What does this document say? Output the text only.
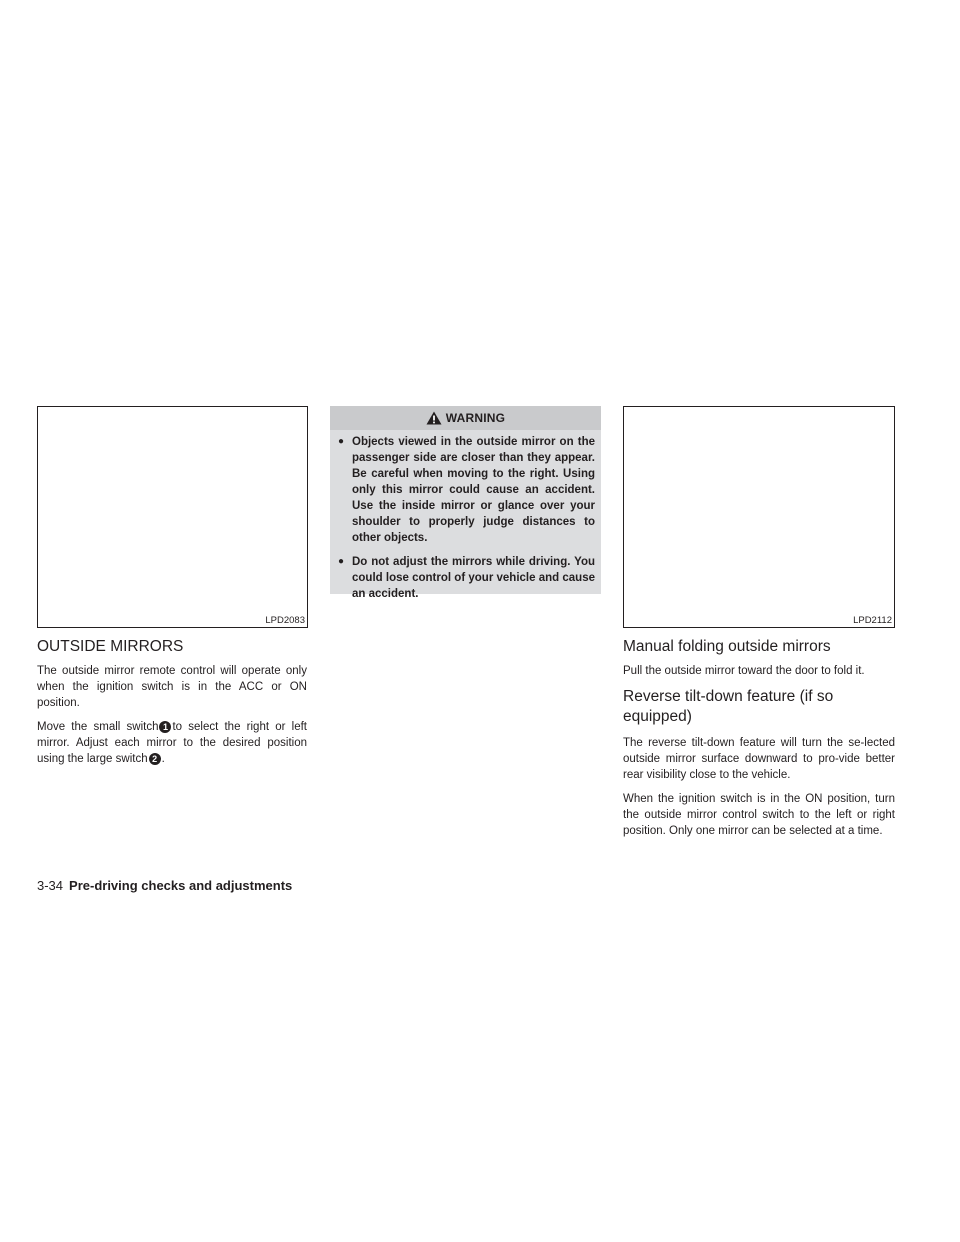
LPD2083
OUTSIDE MIRRORS

The outside mirror remote control will operate only when the ignition switch is in the ACC or ON position.

Move the small switch 1 to select the right or left mirror. Adjust each mirror to the desired position using the large switch 2 .

WARNING
● Objects viewed in the outside mirror on the passenger side are closer than they appear. Be careful when moving to the right. Using only this mirror could cause an accident. Use the inside mirror or glance over your shoulder to properly judge distances to other objects.
● Do not adjust the mirrors while driving. You could lose control of your vehicle and cause an accident.
LPD2112
Manual folding outside mirrors

Pull the outside mirror toward the door to fold it.

Reverse tilt-down feature (if so
equipped)

The reverse tilt-down feature will turn the se-lected outside mirror surface downward to pro-vide better rear visibility close to the vehicle.

When the ignition switch is in the ON position, turn the outside mirror control switch to the left or right position. Only one mirror can be selected at a time.

3-34 Pre-driving checks and adjustments
